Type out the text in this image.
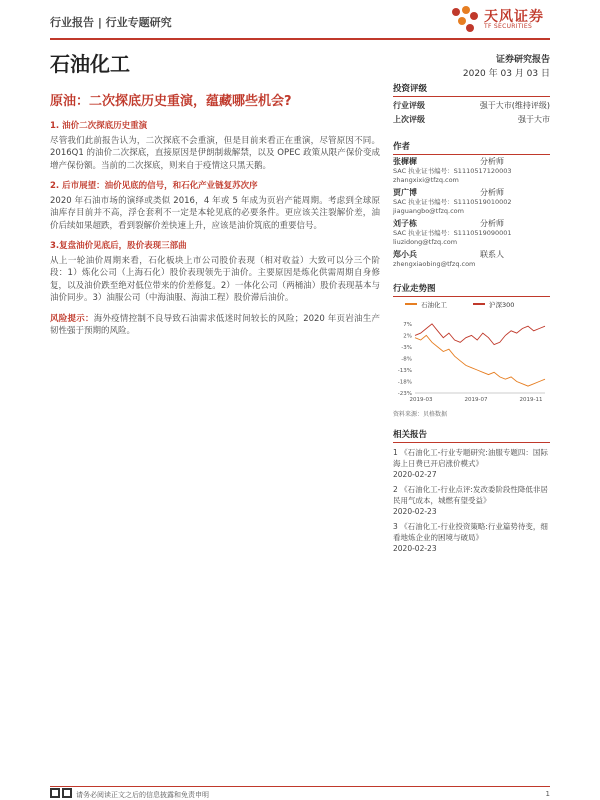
行业报告 | 行业专题研究	天风证券
TF SECURITIES
石油化工	证券研究报告
2020 年 03 月 03 日
原油：二次探底历史重演，蕴藏哪些机会?
1. 油价二次探底历史重演
尽管我们此前报告认为，二次探底不会重演，但是目前来看正在重演，尽管原因不同。2016Q1 的油价二次探底，直接原因是伊朗制裁解禁，以及 OPEC 政策从限产保价变成增产保份额。当前的二次探底，则来自于疫情这只黑天鹅。
2. 后市展望：油价见底的信号，和石化产业链复苏次序
2020 年石油市场的演绎或类似 2016，4 年或 5 年成为页岩产能周期。考虑到全球原油库存目前并不高，浮仓套利不一定是本轮见底的必要条件。更应该关注裂解价差，油价后续如果超跌，看到裂解价差快速上升，应该是油价筑底的重要信号。
3.复盘油价见底后，股价表现三部曲
从上一轮油价周期来看，石化板块上市公司股价表现（相对收益）大致可以分三个阶段：1）炼化公司（上海石化）股价表现领先于油价。主要原因是炼化供需周期自身修复，以及油价跌至绝对低位带来的价差修复。2）一体化公司（两桶油）股价表现基本与油价同步。3）油服公司（中海油服、海油工程）股价滞后油价。
风险提示：海外疫情控制不良导致石油需求低迷时间较长的风险；2020 年页岩油生产韧性强于预期的风险。
投资评级
行业评级	强于大市(维持评级)
上次评级	强于大市
作者
张樨樨	分析师
SAC 执业证书编号：S1110517120003
zhangxixi@tfzq.com
贾广博	分析师
SAC 执业证书编号：S1110519010002
jiaguangbo@tfzq.com
刘子栋	分析师
SAC 执业证书编号：S1110519090001
liuzidong@tfzq.com
郑小兵	联系人
zhengxiaobing@tfzq.com
行业走势图
石油化工	沪深300
7%
2%
-3%
-8%
-13%
-18%
-23%
2019-03	2019-07	2019-11
资料来源：贝格数据
相关报告
1 《石油化工-行业专题研究:油服专题四：国际海上日费已开启涨价模式》
2020-02-27
2 《石油化工-行业点评:发改委阶段性降低非居民用气成本，城燃有望受益》
2020-02-23
3 《石油化工-行业投资策略:行业篇势待变，细看地炼企业的困境与破局》
2020-02-23
请务必阅读正文之后的信息披露和免责申明	1
